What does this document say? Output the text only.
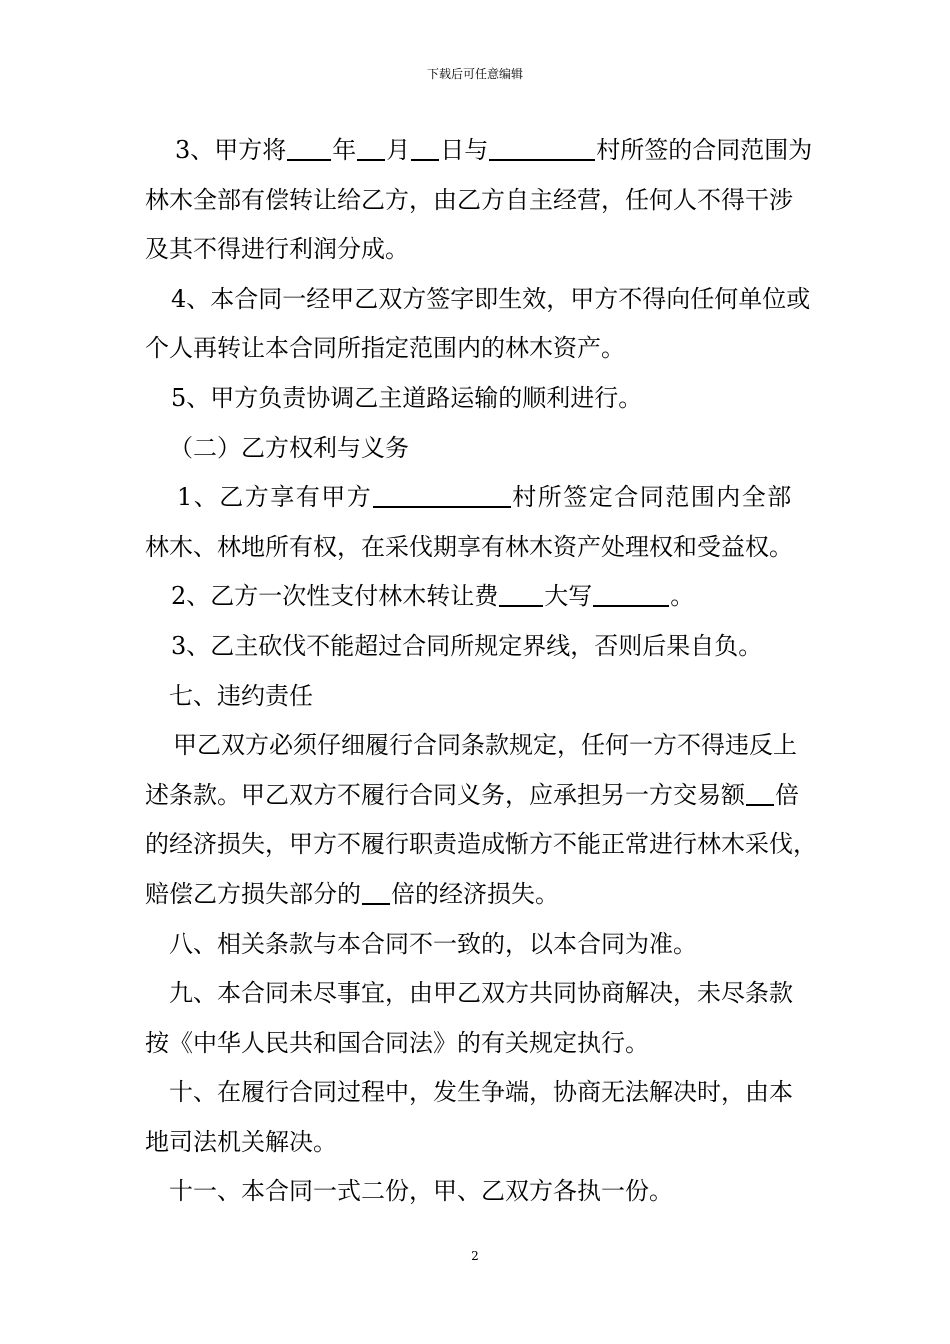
下载后可任意编辑
3、甲方将 年 月 日与	村所签的合同范围为
林木全部有偿转让给乙方，由乙方自主经营，任何人不得干涉
及其不得进行利润分成。
4、本合同一经甲乙双方签字即生效，甲方不得向任何单位或
个人再转让本合同所指定范围内的林木资产。
5、甲方负责协调乙主道路运输的顺利进行。
（二）乙方权利与义务
1、乙方享有甲方	村所签定合同范围内全部
林木、林地所有权，在采伐期享有林木资产处理权和受益权。
2、乙方一次性支付林木转让费 大写	。
3、乙主砍伐不能超过合同所规定界线，否则后果自负。
七、违约责任
甲乙双方必须仔细履行合同条款规定，任何一方不得违反上
述条款。甲乙双方不履行合同义务，应承担另一方交易额 倍
的经济损失，甲方不履行职责造成惭方不能正常进行林木采伐，
赔偿乙方损失部分的 倍的经济损失。
八、相关条款与本合同不一致的，以本合同为准。
九、本合同未尽事宜，由甲乙双方共同协商解决，未尽条款
按《中华人民共和国合同法》的有关规定执行。
十、在履行合同过程中，发生争端，协商无法解决时，由本
地司法机关解决。
十一、本合同一式二份，甲、乙双方各执一份。
2
